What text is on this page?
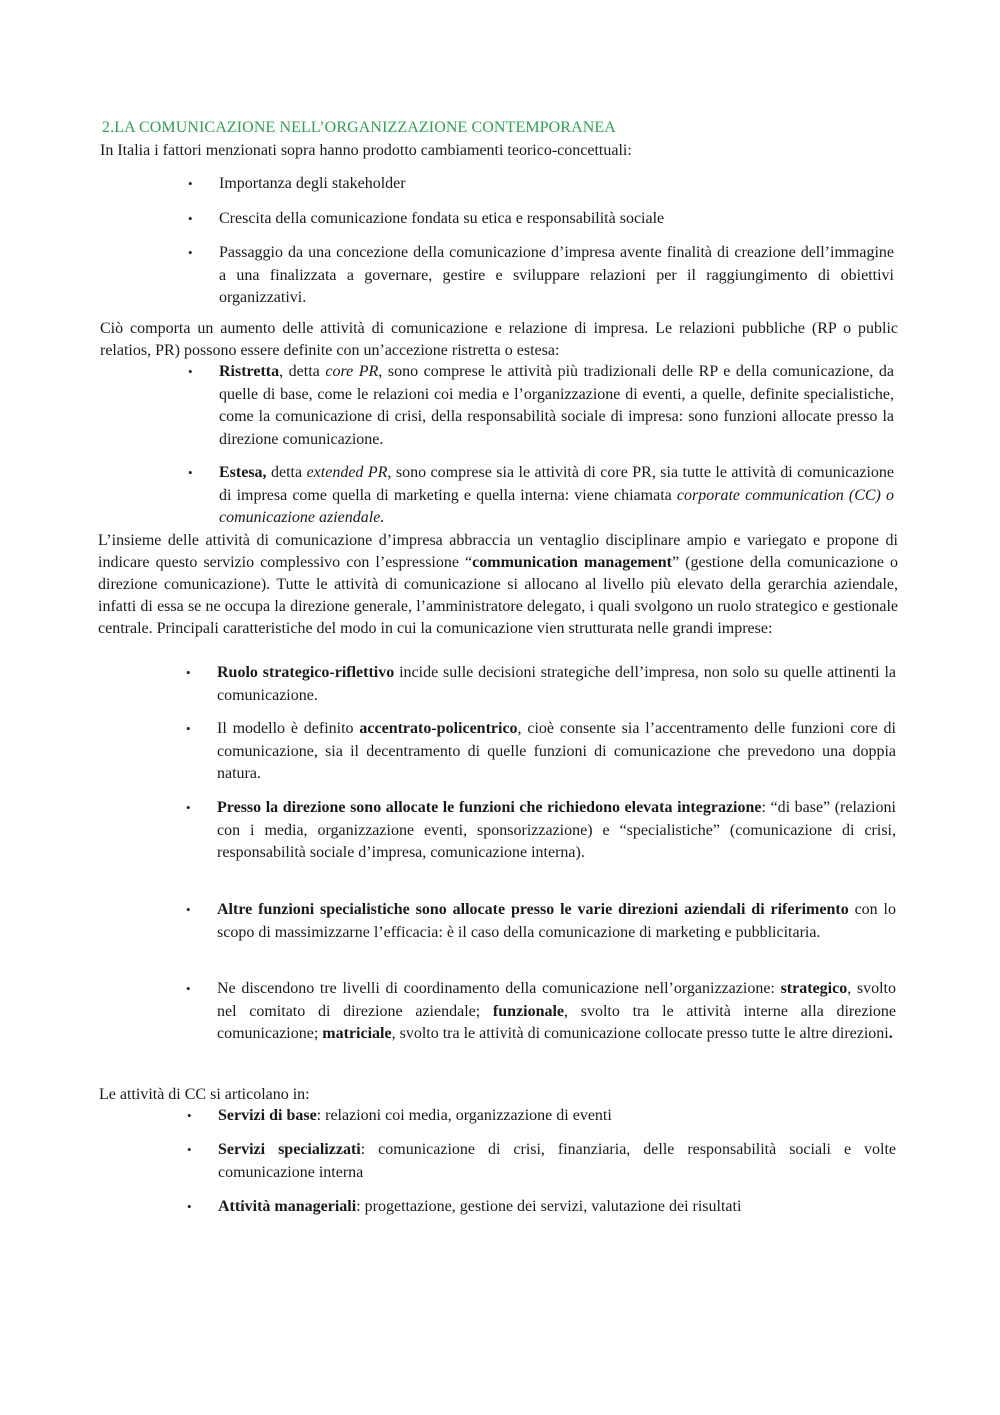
2.LA COMUNICAZIONE NELL’ORGANIZZAZIONE CONTEMPORANEA

In Italia i fattori menzionati sopra hanno prodotto cambiamenti teorico-concettuali:

• Importanza degli stakeholder
• Crescita della comunicazione fondata su etica e responsabilità sociale
• Passaggio da una concezione della comunicazione d’impresa avente finalità di creazione dell’immagine a una finalizzata a governare, gestire e sviluppare relazioni per il raggiungimento di obiettivi organizzativi.

Ciò comporta un aumento delle attività di comunicazione e relazione di impresa. Le relazioni pubbliche (RP o public relatios, PR) possono essere definite con un’accezione ristretta o estesa:

• Ristretta, detta core PR, sono comprese le attività più tradizionali delle RP e della comunicazione, da quelle di base, come le relazioni coi media e l’organizzazione di eventi, a quelle, definite specialistiche, come la comunicazione di crisi, della responsabilità sociale di impresa: sono funzioni allocate presso la direzione comunicazione.
• Estesa, detta extended PR, sono comprese sia le attività di core PR, sia tutte le attività di comunicazione di impresa come quella di marketing e quella interna: viene chiamata corporate communication (CC) o comunicazione aziendale.

L’insieme delle attività di comunicazione d’impresa abbraccia un ventaglio disciplinare ampio e variegato e propone di indicare questo servizio complessivo con l’espressione “communication management” (gestione della comunicazione o direzione comunicazione). Tutte le attività di comunicazione si allocano al livello più elevato della gerarchia aziendale, infatti di essa se ne occupa la direzione generale, l’amministratore delegato, i quali svolgono un ruolo strategico e gestionale centrale. Principali caratteristiche del modo in cui la comunicazione vien strutturata nelle grandi imprese:

• Ruolo strategico-riflettivo incide sulle decisioni strategiche dell’impresa, non solo su quelle attinenti la comunicazione.
• Il modello è definito accentrato-policentrico, cioè consente sia l’accentramento delle funzioni core di comunicazione, sia il decentramento di quelle funzioni di comunicazione che prevedono una doppia natura.
• Presso la direzione sono allocate le funzioni che richiedono elevata integrazione: “di base” (relazioni con i media, organizzazione eventi, sponsorizzazione) e “specialistiche” (comunicazione di crisi, responsabilità sociale d’impresa, comunicazione interna).
• Altre funzioni specialistiche sono allocate presso le varie direzioni aziendali di riferimento con lo scopo di massimizzarne l’efficacia: è il caso della comunicazione di marketing e pubblicitaria.
• Ne discendono tre livelli di coordinamento della comunicazione nell’organizzazione: strategico, svolto nel comitato di direzione aziendale; funzionale, svolto tra le attività interne alla direzione comunicazione; matriciale, svolto tra le attività di comunicazione collocate presso tutte le altre direzioni.

Le attività di CC si articolano in:

• Servizi di base: relazioni coi media, organizzazione di eventi
• Servizi specializzati: comunicazione di crisi, finanziaria, delle responsabilità sociali e volte comunicazione interna
• Attività manageriali: progettazione, gestione dei servizi, valutazione dei risultati
